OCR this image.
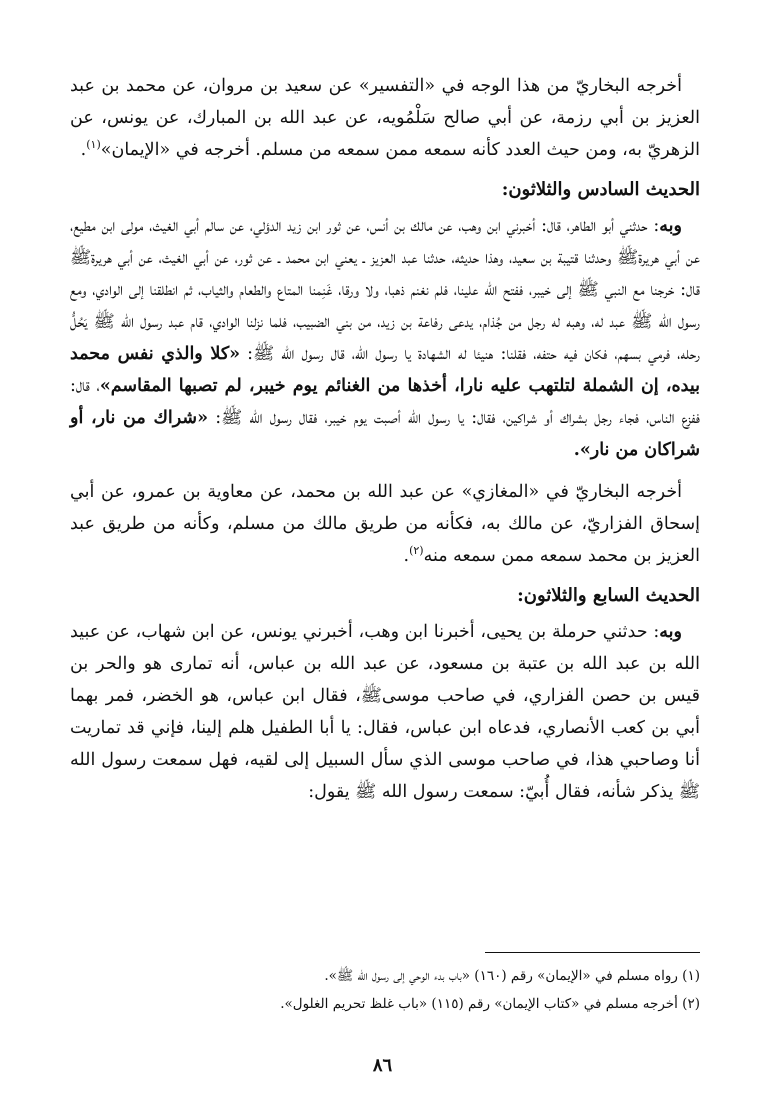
أخرجه البخاريّ من هذا الوجه في «التفسير» عن سعيد بن مروان، عن محمد بن عبد العزيز بن أبي رزمة، عن أبي صالح سَلْمُويه، عن عبد الله بن المبارك، عن يونس، عن الزهريّ به، ومن حيث العدد كأنه سمعه ممن سمعه من مسلم. أخرجه في «الإيمان»$^{(١)}$.

الحديث السادس والثلاثون:

وبه: حدثني أبو الطاهر، قال: أخبرني ابن وهب، عن مالك بن أنس، عن ثور ابن زيد الدؤلي، عن سالم أبي الغيث، مولى ابن مطيع، عن أبي هريرةﷺ وحدثنا قتيبة بن سعيد، وهذا حديثه، حدثنا عبد العزيز ـ يعني ابن محمد ـ عن ثور، عن أبي الغيث، عن أبي هريرةﷺ قال: خرجنا مع النبي ﷺ إلى خيبر، ففتح الله علينا، فلم نغنم ذهبا، ولا ورقا، غَنِمنا المتاع والطعام والثياب، ثم انطلقنا إلى الوادي، ومع رسول الله ﷺ عبد له، وهبه له رجل من جُذام، يدعى رفاعة بن زيد، من بني الضبيب، فلما نزلنا الوادي، قام عبد رسول الله ﷺ يَحُلُّ رحله، فرمي بسهم، فكان فيه حتفه، فقلنا: هنيئا له الشهادة يا رسول الله، قال رسول الله ﷺ: «كلا والذي نفس محمد بيده، إن الشملة لتلتهب عليه نارا، أخذها من الغنائم يوم خيبر، لم تصبها المقاسم»، قال: ففزع الناس، فجاء رجل بشراك أو شراكين، فقال: يا رسول الله أصبت يوم خيبر، فقال رسول الله ﷺ: «شراك من نار، أو شراكان من نار».

أخرجه البخاريّ في «المغازي» عن عبد الله بن محمد، عن معاوية بن عمرو، عن أبي إسحاق الفزاريّ، عن مالك به، فكأنه من طريق مالك من مسلم، وكأنه من طريق عبد العزيز بن محمد سمعه ممن سمعه منه$^{(٢)}$.

الحديث السابع والثلاثون:

وبه: حدثني حرملة بن يحيى، أخبرنا ابن وهب، أخبرني يونس، عن ابن شهاب، عن عبيد الله بن عبد الله بن عتبة بن مسعود، عن عبد الله بن عباس، أنه تمارى هو والحر بن قيس بن حصن الفزاري، في صاحب موسىﷺ، فقال ابن عباس، هو الخضر، فمر بهما أبي بن كعب الأنصاري، فدعاه ابن عباس، فقال: يا أبا الطفيل هلم إلينا، فإني قد تماريت أنا وصاحبي هذا، في صاحب موسى الذي سأل السبيل إلى لقيه، فهل سمعت رسول الله ﷺ يذكر شأنه، فقال أُبيّ: سمعت رسول الله ﷺ يقول:

(١) رواه مسلم في «الإيمان» رقم (١٦٠) «باب بدء الوحي إلى رسول الله ﷺ».

(٢) أخرجه مسلم في «كتاب الإيمان» رقم (١١٥) «باب غلظ تحريم الغلول».

٨٦
